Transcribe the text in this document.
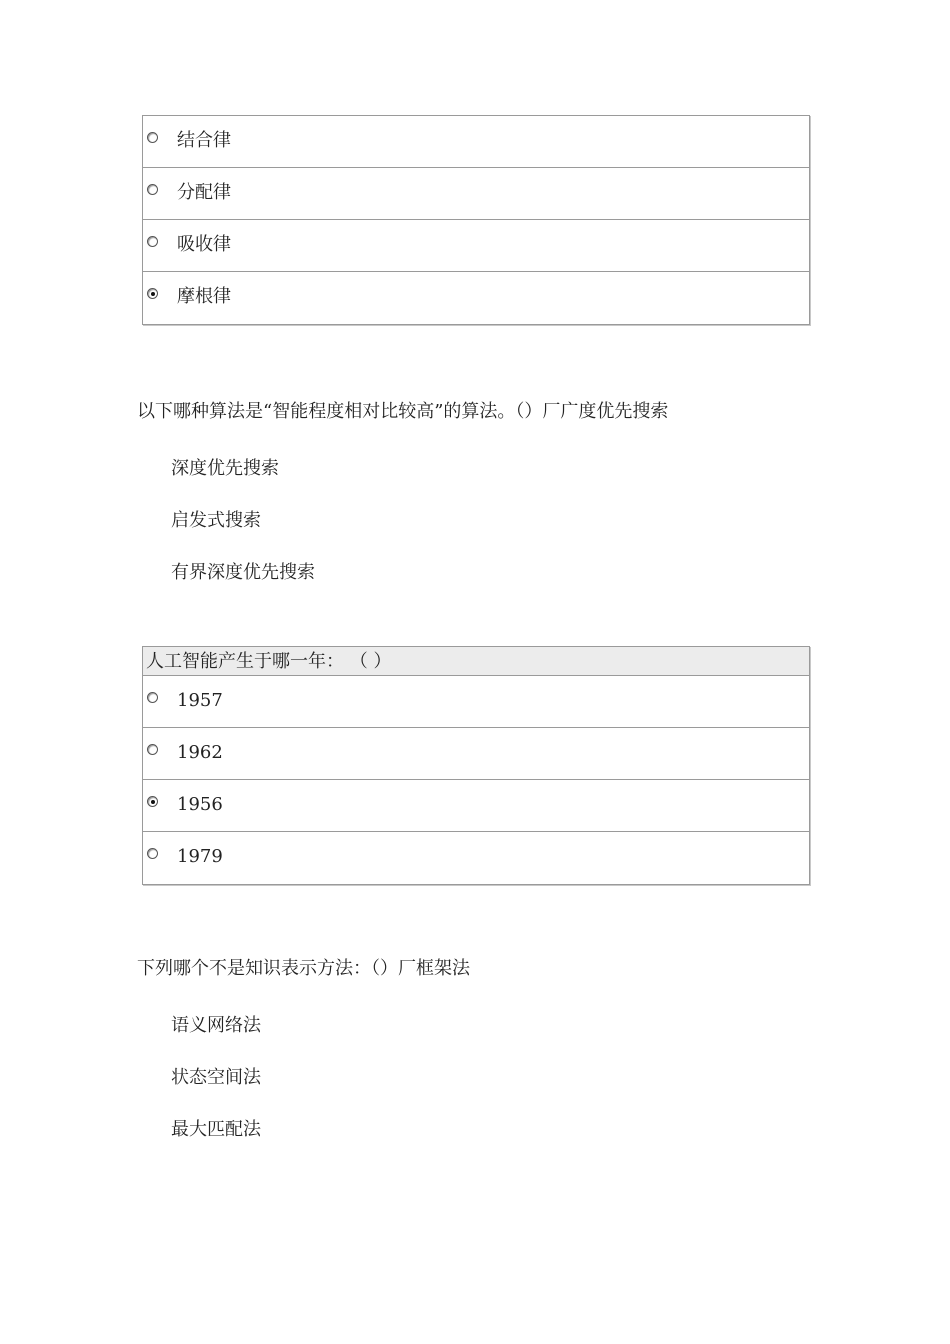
结合律
分配律
吸收律
摩根律
以下哪种算法是“智能程度相对比较高”的算法。（）厂广度优先搜索
深度优先搜索
启发式搜索
有界深度优先搜索
人工智能产生于哪一年： （ ）
1957
1962
1956
1979
下列哪个不是知识表示方法：（）厂框架法
语义网络法
状态空间法
最大匹配法
